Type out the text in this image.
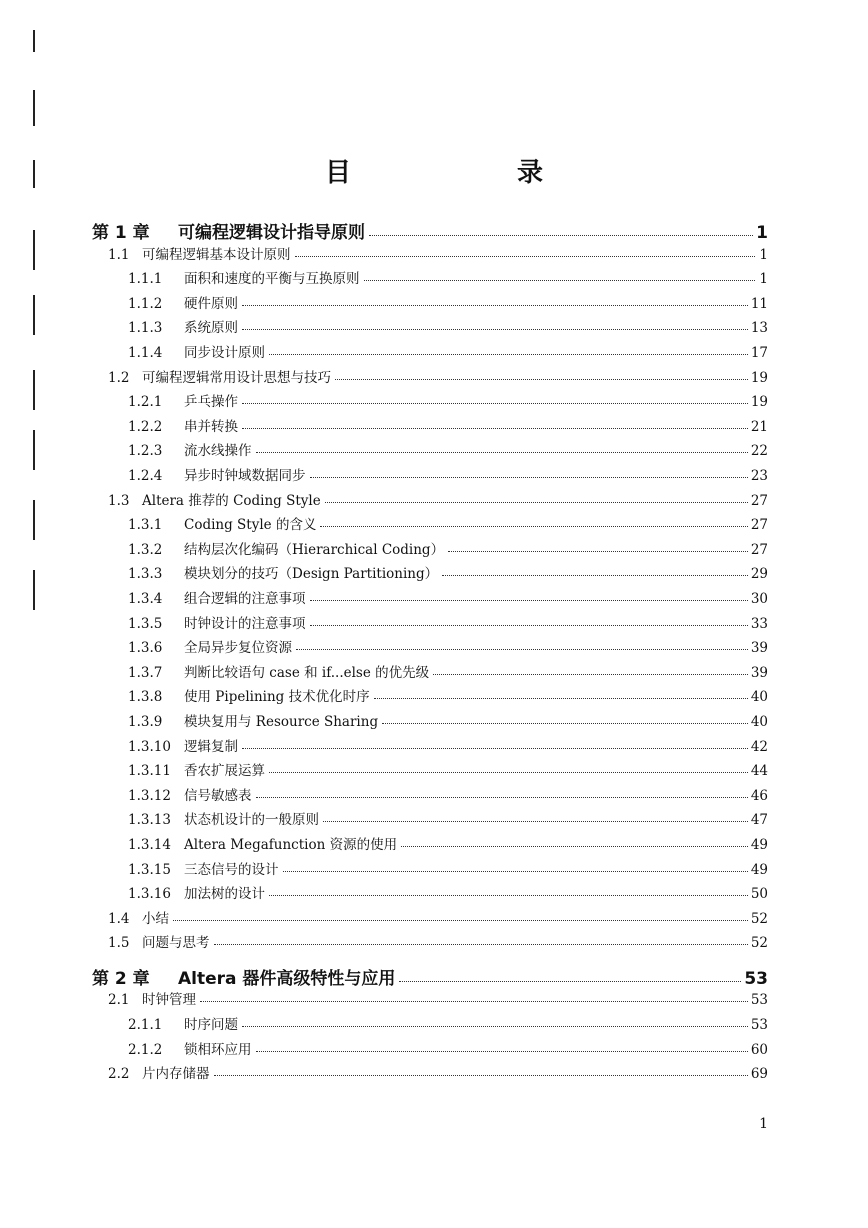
目　录
第 1 章	可编程逻辑设计指导原则	1
1.1 可编程逻辑基本设计原则	1
1.1.1	面积和速度的平衡与互换原则	1
1.1.2	硬件原则	11
1.1.3	系统原则	13
1.1.4	同步设计原则	17
1.2 可编程逻辑常用设计思想与技巧	19
1.2.1	乒乓操作	19
1.2.2	串并转换	21
1.2.3	流水线操作	22
1.2.4	异步时钟域数据同步	23
1.3 Altera 推荐的 Coding Style	27
1.3.1	Coding Style 的含义	27
1.3.2	结构层次化编码（Hierarchical Coding）	27
1.3.3	模块划分的技巧（Design Partitioning）	29
1.3.4	组合逻辑的注意事项	30
1.3.5	时钟设计的注意事项	33
1.3.6	全局异步复位资源	39
1.3.7	判断比较语句 case 和 if...else 的优先级	39
1.3.8	使用 Pipelining 技术优化时序	40
1.3.9	模块复用与 Resource Sharing	40
1.3.10 逻辑复制	42
1.3.11 香农扩展运算	44
1.3.12 信号敏感表	46
1.3.13 状态机设计的一般原则	47
1.3.14 Altera Megafunction 资源的使用	49
1.3.15 三态信号的设计	49
1.3.16 加法树的设计	50
1.4 小结	52
1.5 问题与思考	52
第 2 章	Altera 器件高级特性与应用	53
2.1 时钟管理	53
2.1.1	时序问题	53
2.1.2	锁相环应用	60
2.2 片内存储器	69
1
